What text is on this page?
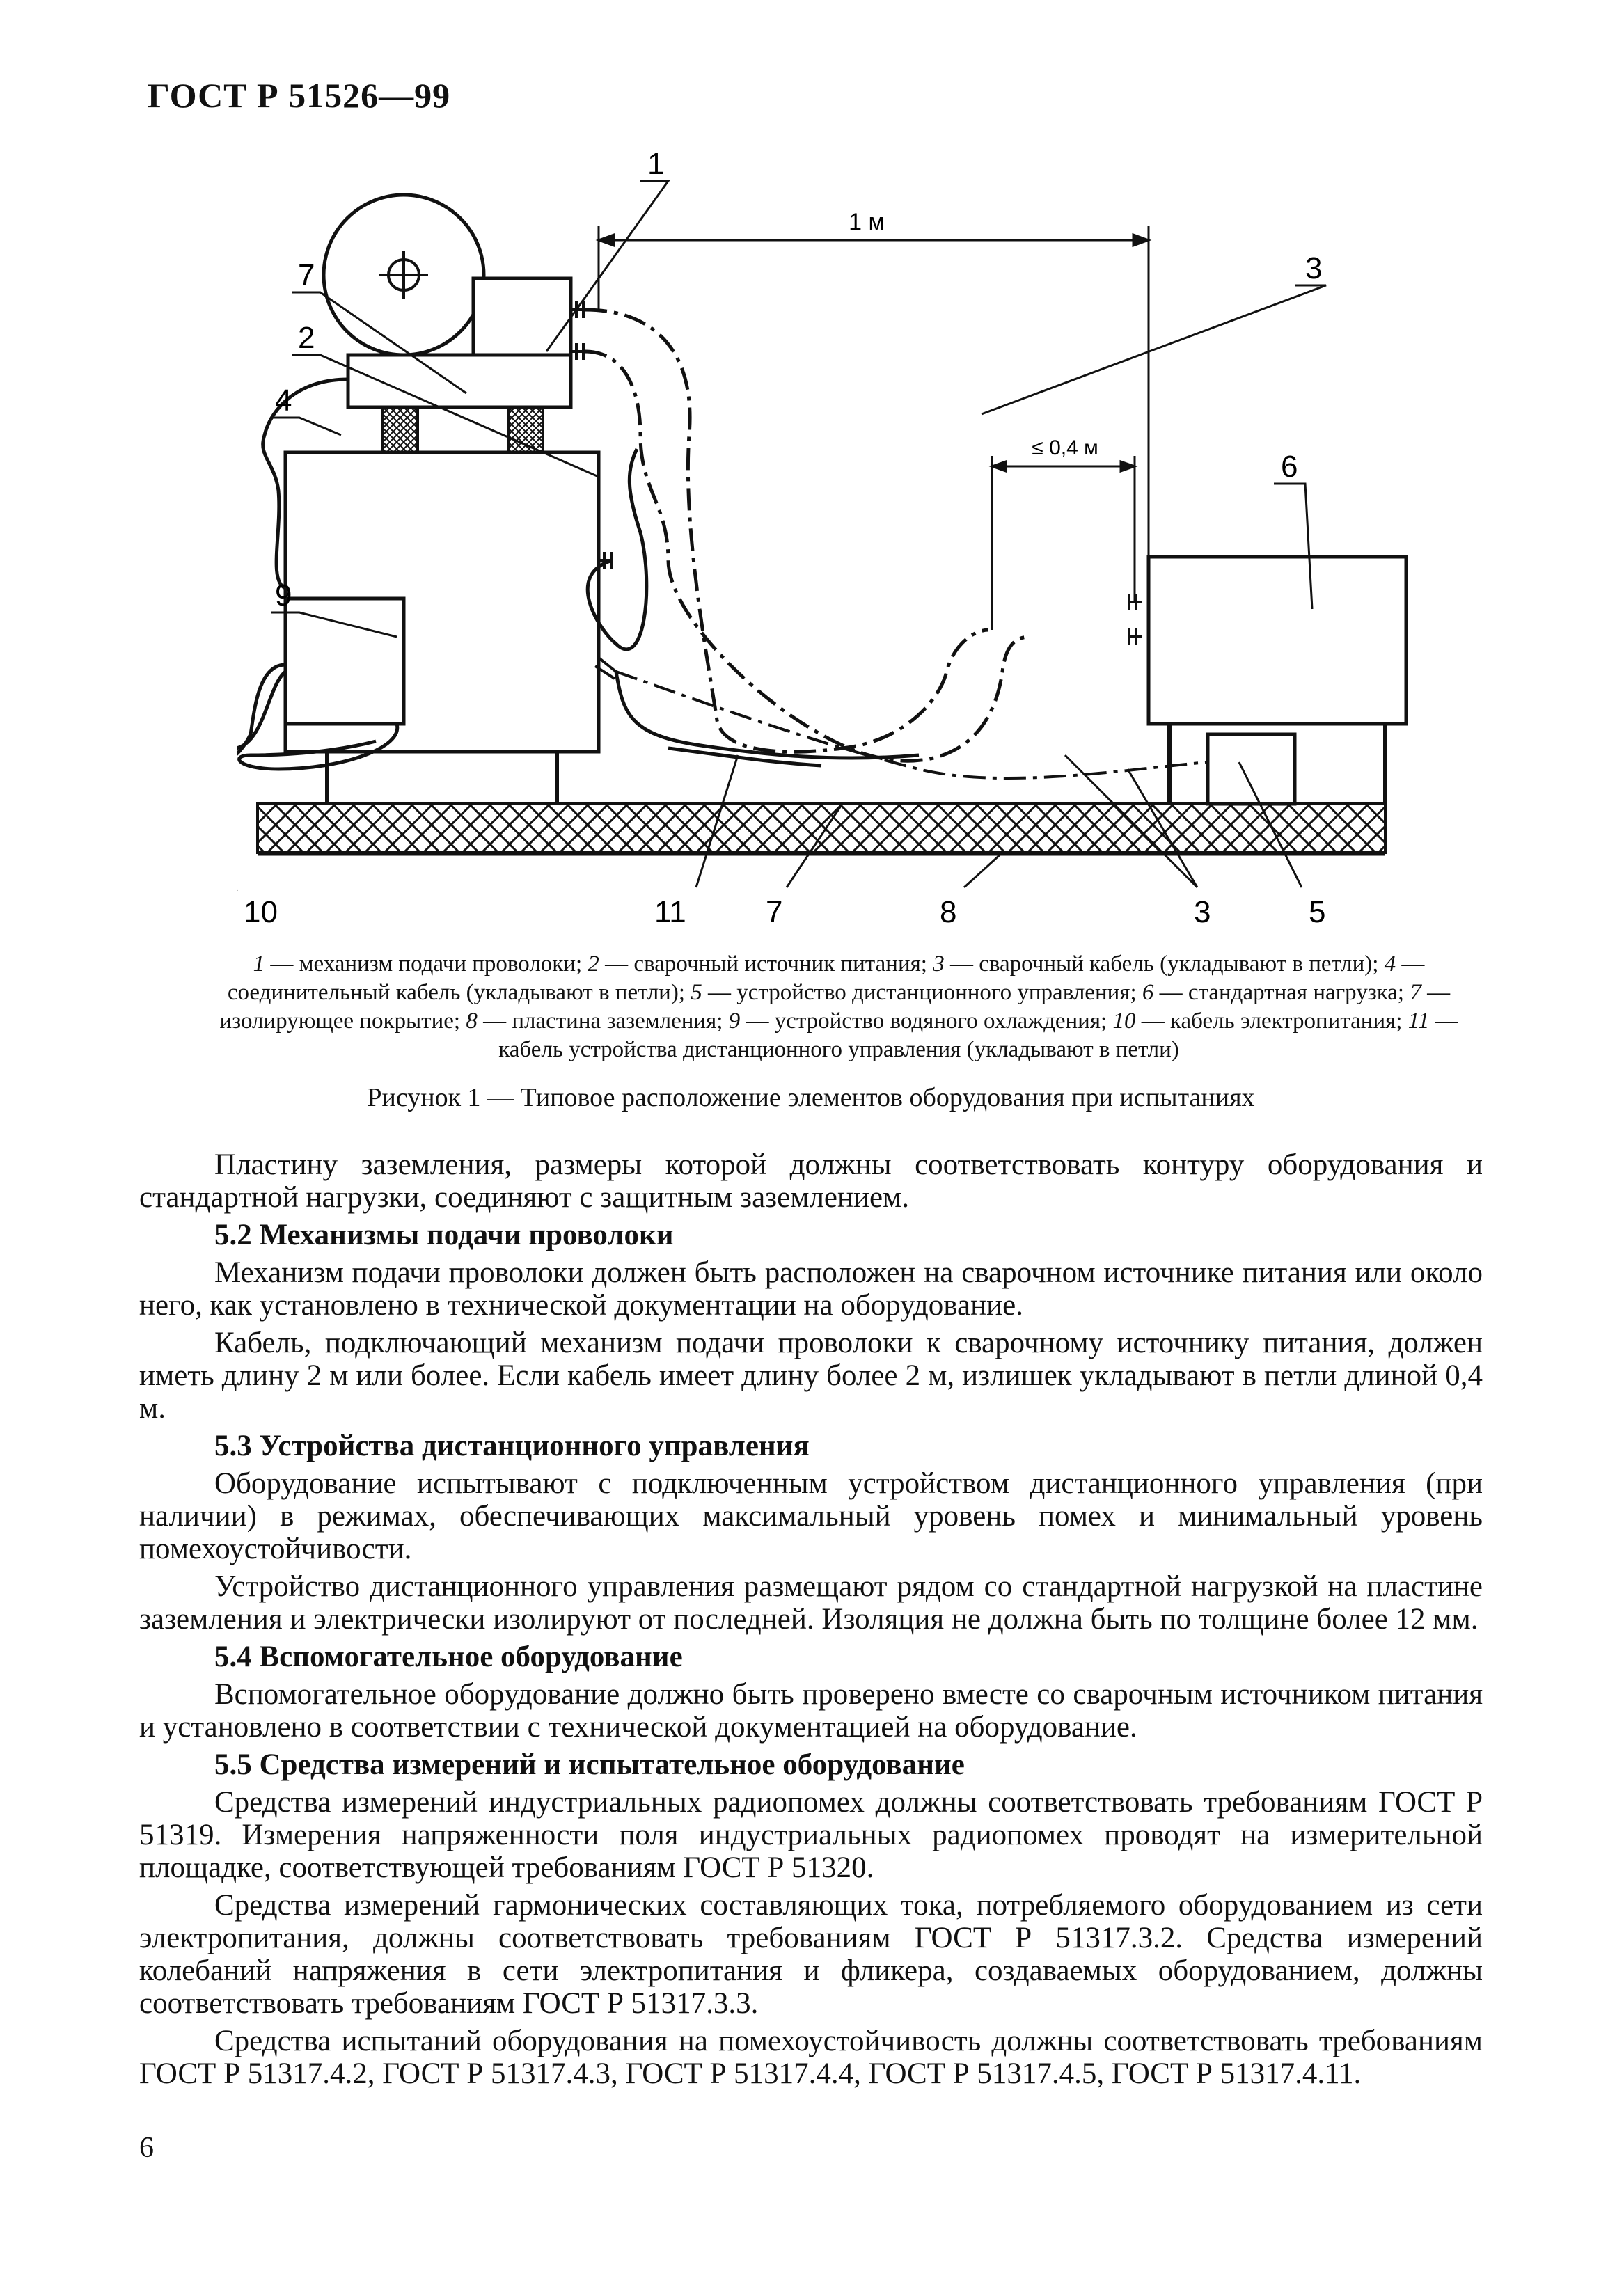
ГОСТ Р 51526—99
1 м
≤ 0,4 м
1
3
7
2
4
6
9
10	11	7	8	3	5
1 — механизм подачи проволоки; 2 — сварочный источник питания; 3 — сварочный кабель (укладывают в петли); 4 — соединительный кабель (укладывают в петли); 5 — устройство дистанционного управления; 6 — стандартная нагрузка; 7 — изолирующее покрытие; 8 — пластина заземления; 9 — устройство водяного охлаждения; 10 — кабель электропитания; 11 — кабель устройства дистанционного управления (укладывают в петли)
Рисунок 1 — Типовое расположение элементов оборудования при испытаниях

Пластину заземления, размеры которой должны соответствовать контуру оборудования и стандартной нагрузки, соединяют с защитным заземлением.

5.2 Механизмы подачи проволоки

Механизм подачи проволоки должен быть расположен на сварочном источнике питания или около него, как установлено в технической документации на оборудование.

Кабель, подключающий механизм подачи проволоки к сварочному источнику питания, должен иметь длину 2 м или более. Если кабель имеет длину более 2 м, излишек укладывают в петли длиной 0,4 м.

5.3 Устройства дистанционного управления

Оборудование испытывают с подключенным устройством дистанционного управления (при наличии) в режимах, обеспечивающих максимальный уровень помех и минимальный уровень помехоустойчивости.

Устройство дистанционного управления размещают рядом со стандартной нагрузкой на пластине заземления и электрически изолируют от последней. Изоляция не должна быть по толщине более 12 мм.

5.4 Вспомогательное оборудование

Вспомогательное оборудование должно быть проверено вместе со сварочным источником питания и установлено в соответствии с технической документацией на оборудование.

5.5 Средства измерений и испытательное оборудование

Средства измерений индустриальных радиопомех должны соответствовать требованиям ГОСТ Р 51319. Измерения напряженности поля индустриальных радиопомех проводят на измерительной площадке, соответствующей требованиям ГОСТ Р 51320.

Средства измерений гармонических составляющих тока, потребляемого оборудованием из сети электропитания, должны соответствовать требованиям ГОСТ Р 51317.3.2. Средства измерений колебаний напряжения в сети электропитания и фликера, создаваемых оборудованием, должны соответствовать требованиям ГОСТ Р 51317.3.3.

Средства испытаний оборудования на помехоустойчивость должны соответствовать требованиям ГОСТ Р 51317.4.2, ГОСТ Р 51317.4.3, ГОСТ Р 51317.4.4, ГОСТ Р 51317.4.5, ГОСТ Р 51317.4.11.

6
